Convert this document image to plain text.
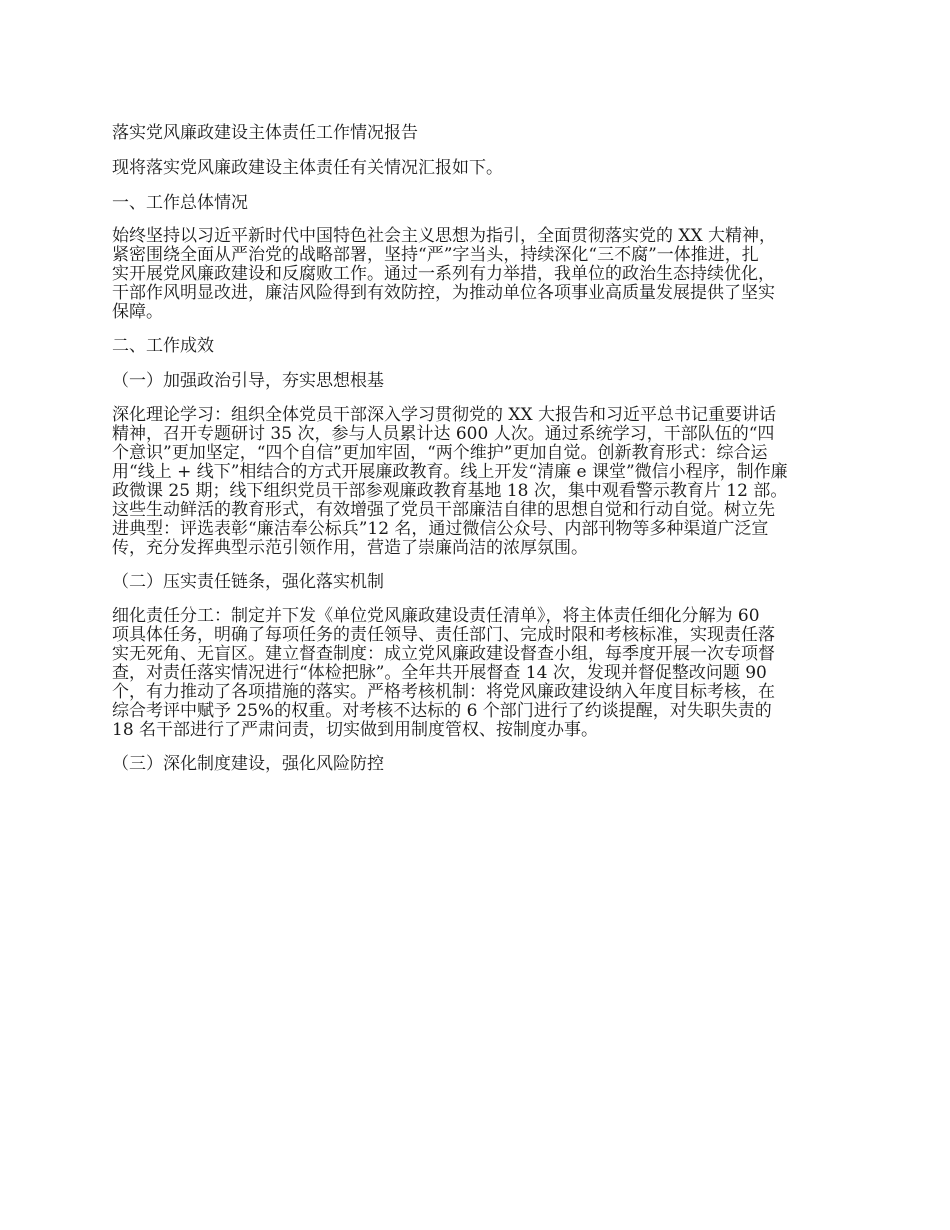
落实党风廉政建设主体责任工作情况报告
现将落实党风廉政建设主体责任有关情况汇报如下。
一、工作总体情况
始终坚持以习近平新时代中国特色社会主义思想为指引，全面贯彻落实党的 XX 大精神，
紧密围绕全面从严治党的战略部署，坚持“严”字当头，持续深化“三不腐”一体推进，扎
实开展党风廉政建设和反腐败工作。通过一系列有力举措，我单位的政治生态持续优化，
干部作风明显改进，廉洁风险得到有效防控，为推动单位各项事业高质量发展提供了坚实
保障。
二、工作成效
（一）加强政治引导，夯实思想根基
深化理论学习：组织全体党员干部深入学习贯彻党的 XX 大报告和习近平总书记重要讲话
精神，召开专题研讨 35 次，参与人员累计达 600 人次。通过系统学习，干部队伍的“四
个意识”更加坚定，“四个自信”更加牢固，“两个维护”更加自觉。创新教育形式：综合运
用“线上 + 线下”相结合的方式开展廉政教育。线上开发“清廉 e 课堂”微信小程序，制作廉
政微课 25 期；线下组织党员干部参观廉政教育基地 18 次，集中观看警示教育片 12 部。
这些生动鲜活的教育形式，有效增强了党员干部廉洁自律的思想自觉和行动自觉。树立先
进典型：评选表彰“廉洁奉公标兵”12 名，通过微信公众号、内部刊物等多种渠道广泛宣
传，充分发挥典型示范引领作用，营造了崇廉尚洁的浓厚氛围。
（二）压实责任链条，强化落实机制
细化责任分工：制定并下发《单位党风廉政建设责任清单》，将主体责任细化分解为 60
项具体任务，明确了每项任务的责任领导、责任部门、完成时限和考核标准，实现责任落
实无死角、无盲区。建立督查制度：成立党风廉政建设督查小组，每季度开展一次专项督
查，对责任落实情况进行“体检把脉”。全年共开展督查 14 次，发现并督促整改问题 90
个，有力推动了各项措施的落实。严格考核机制：将党风廉政建设纳入年度目标考核，在
综合考评中赋予 25%的权重。对考核不达标的 6 个部门进行了约谈提醒，对失职失责的
18 名干部进行了严肃问责，切实做到用制度管权、按制度办事。
（三）深化制度建设，强化风险防控
